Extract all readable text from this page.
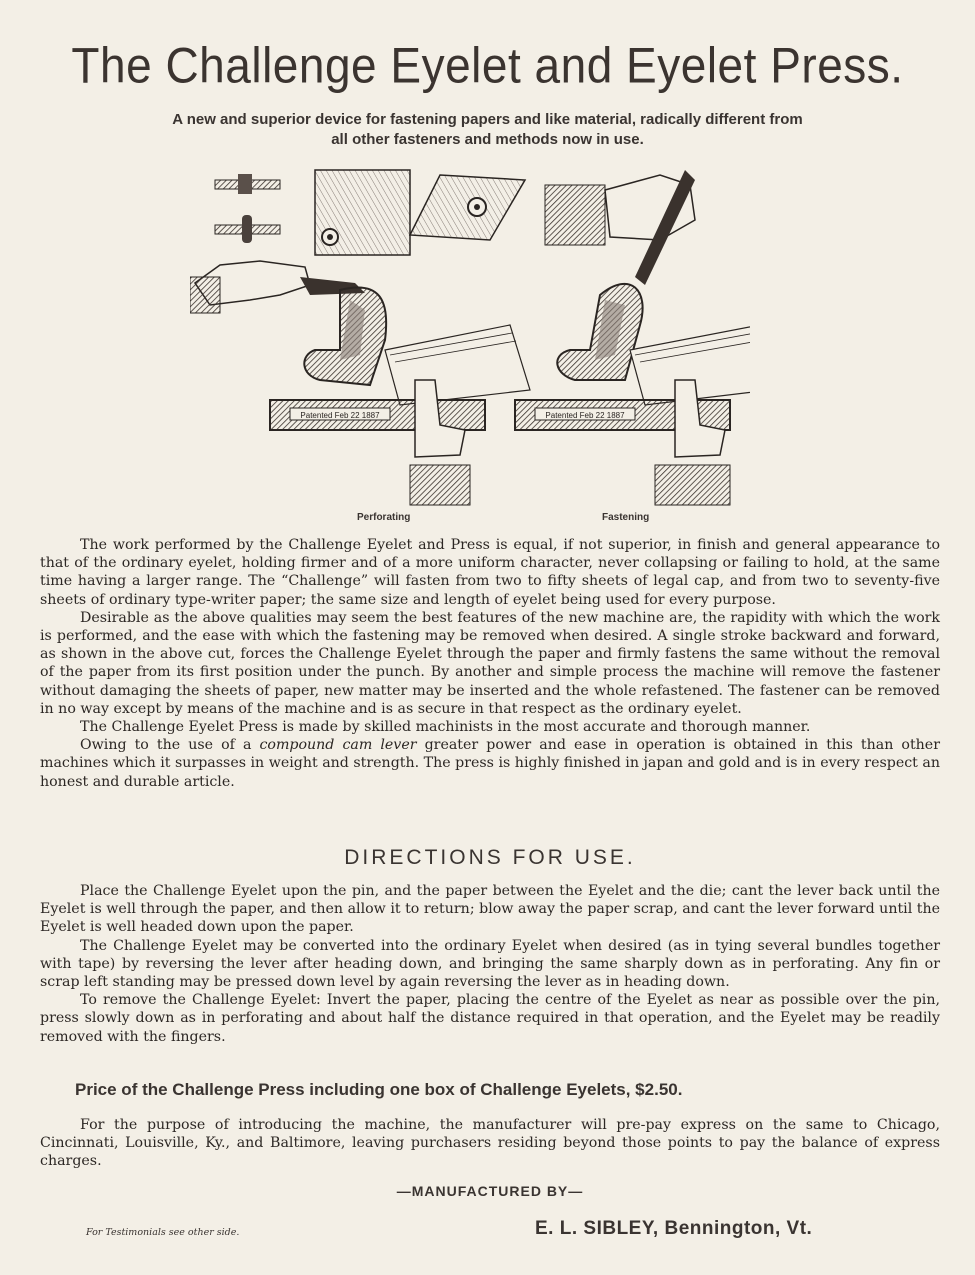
The Challenge Eyelet and Eyelet Press.
A new and superior device for fastening papers and like material, radically different from
all other fasteners and methods now in use.
Patented Feb 22 1887	Patented Feb 22 1887
Perforating	Fastening

The work performed by the Challenge Eyelet and Press is equal, if not superior, in finish and general appearance to that of the ordinary eyelet, holding firmer and of a more uniform character, never collapsing or failing to hold, at the same time having a larger range. The “Challenge” will fasten from two to fifty sheets of legal cap, and from two to seventy-five sheets of ordinary type-writer paper; the same size and length of eyelet being used for every purpose.

Desirable as the above qualities may seem the best features of the new machine are, the rapidity with which the work is performed, and the ease with which the fastening may be removed when desired. A single stroke backward and forward, as shown in the above cut, forces the Challenge Eyelet through the paper and firmly fastens the same without the removal of the paper from its first position under the punch. By another and simple process the machine will remove the fastener without damaging the sheets of paper, new matter may be inserted and the whole refastened. The fastener can be removed in no way except by means of the machine and is as secure in that respect as the ordinary eyelet.

The Challenge Eyelet Press is made by skilled machinists in the most accurate and thorough manner.

Owing to the use of a compound cam lever greater power and ease in operation is obtained in this than other machines which it surpasses in weight and strength. The press is highly finished in japan and gold and is in every respect an honest and durable article.

DIRECTIONS FOR USE.

Place the Challenge Eyelet upon the pin, and the paper between the Eyelet and the die; cant the lever back until the Eyelet is well through the paper, and then allow it to return; blow away the paper scrap, and cant the lever forward until the Eyelet is well headed down upon the paper.

The Challenge Eyelet may be converted into the ordinary Eyelet when desired (as in tying several bundles together with tape) by reversing the lever after heading down, and bringing the same sharply down as in perforating. Any fin or scrap left standing may be pressed down level by again reversing the lever as in heading down.

To remove the Challenge Eyelet: Invert the paper, placing the centre of the Eyelet as near as possible over the pin, press slowly down as in perforating and about half the distance required in that operation, and the Eyelet may be readily removed with the fingers.

Price of the Challenge Press including one box of Challenge Eyelets, $2.50.

For the purpose of introducing the machine, the manufacturer will pre-pay express on the same to Chicago, Cincinnati, Louisville, Ky., and Baltimore, leaving purchasers residing beyond those points to pay the balance of express charges.

—MANUFACTURED BY—
For Testimonials see other side.	E. L. SIBLEY, Bennington, Vt.
